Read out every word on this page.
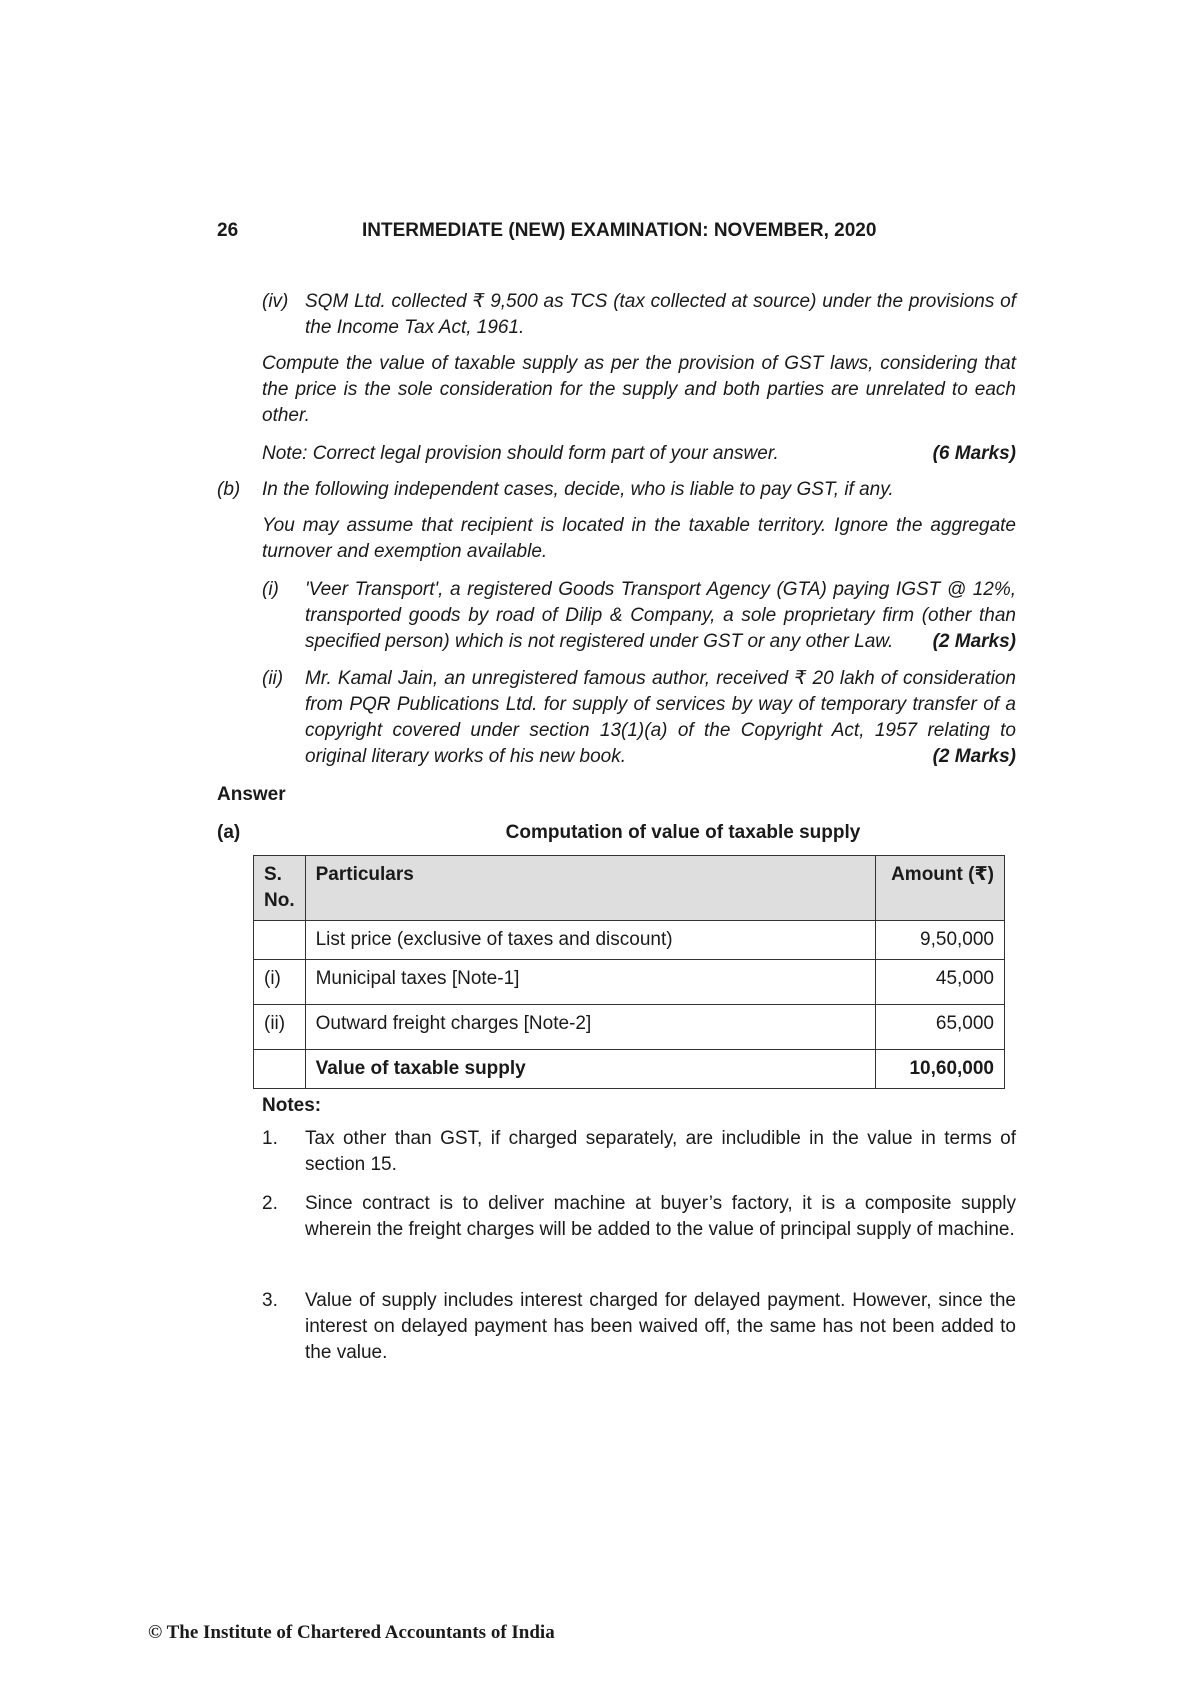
26	INTERMEDIATE (NEW) EXAMINATION: NOVEMBER, 2020
(iv) SQM Ltd. collected ₹ 9,500 as TCS (tax collected at source) under the provisions of the Income Tax Act, 1961.
Compute the value of taxable supply as per the provision of GST laws, considering that the price is the sole consideration for the supply and both parties are unrelated to each other.
Note: Correct legal provision should form part of your answer.	(6 Marks)
(b) In the following independent cases, decide, who is liable to pay GST, if any.
You may assume that recipient is located in the taxable territory. Ignore the aggregate turnover and exemption available.
(i) 'Veer Transport', a registered Goods Transport Agency (GTA) paying IGST @ 12%, transported goods by road of Dilip & Company, a sole proprietary firm (other than specified person) which is not registered under GST or any other Law. (2 Marks)
(ii) Mr. Kamal Jain, an unregistered famous author, received ₹ 20 lakh of consideration from PQR Publications Ltd. for supply of services by way of temporary transfer of a copyright covered under section 13(1)(a) of the Copyright Act, 1957 relating to original literary works of his new book.	(2 Marks)
Answer
(a)	Computation of value of taxable supply
S. No.	Particulars	Amount (₹)
	List price (exclusive of taxes and discount)	9,50,000
(i)	Municipal taxes [Note-1]	45,000
(ii)	Outward freight charges [Note-2]	65,000
	Value of taxable supply	10,60,000
Notes:
1. Tax other than GST, if charged separately, are includible in the value in terms of section 15.
2. Since contract is to deliver machine at buyer’s factory, it is a composite supply wherein the freight charges will be added to the value of principal supply of machine.
3. Value of supply includes interest charged for delayed payment. However, since the interest on delayed payment has been waived off, the same has not been added to the value.
© The Institute of Chartered Accountants of India
